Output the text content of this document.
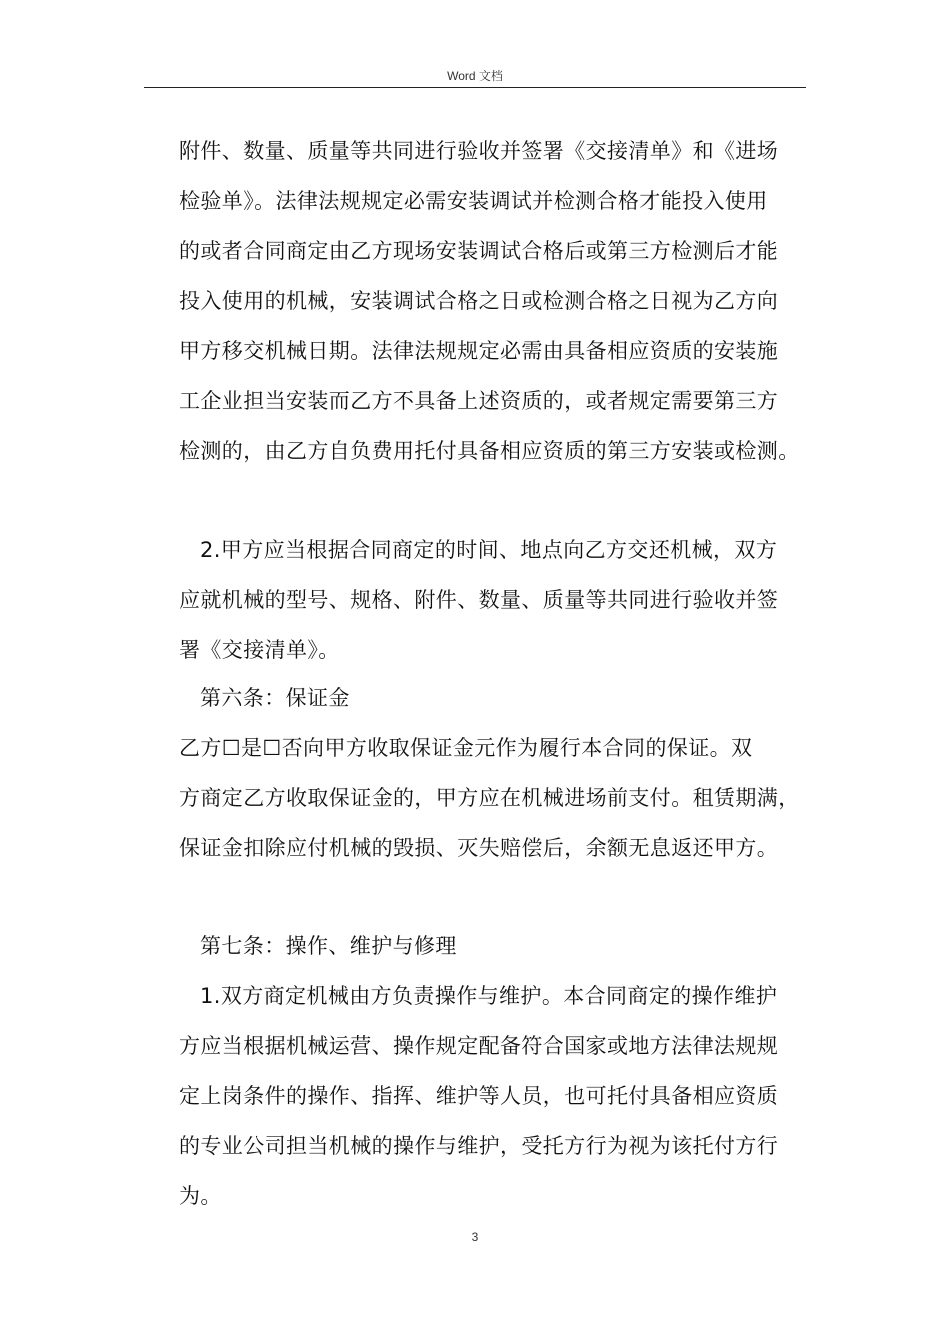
Word 文档
附件、数量、质量等共同进行验收并签署《交接清单》和《进场
检验单》。法律法规规定必需安装调试并检测合格才能投入使用
的或者合同商定由乙方现场安装调试合格后或第三方检测后才能
投入使用的机械，安装调试合格之日或检测合格之日视为乙方向
甲方移交机械日期。法律法规规定必需由具备相应资质的安装施
工企业担当安装而乙方不具备上述资质的，或者规定需要第三方
检测的，由乙方自负费用托付具备相应资质的第三方安装或检测。
2.甲方应当根据合同商定的时间、地点向乙方交还机械，双方
应就机械的型号、规格、附件、数量、质量等共同进行验收并签
署《交接清单》。
第六条：保证金
乙方☐是☐否向甲方收取保证金元作为履行本合同的保证。双
方商定乙方收取保证金的，甲方应在机械进场前支付。租赁期满，
保证金扣除应付机械的毁损、灭失赔偿后，余额无息返还甲方。
第七条：操作、维护与修理
1.双方商定机械由方负责操作与维护。本合同商定的操作维护
方应当根据机械运营、操作规定配备符合国家或地方法律法规规
定上岗条件的操作、指挥、维护等人员，也可托付具备相应资质
的专业公司担当机械的操作与维护，受托方行为视为该托付方行
为。
3
